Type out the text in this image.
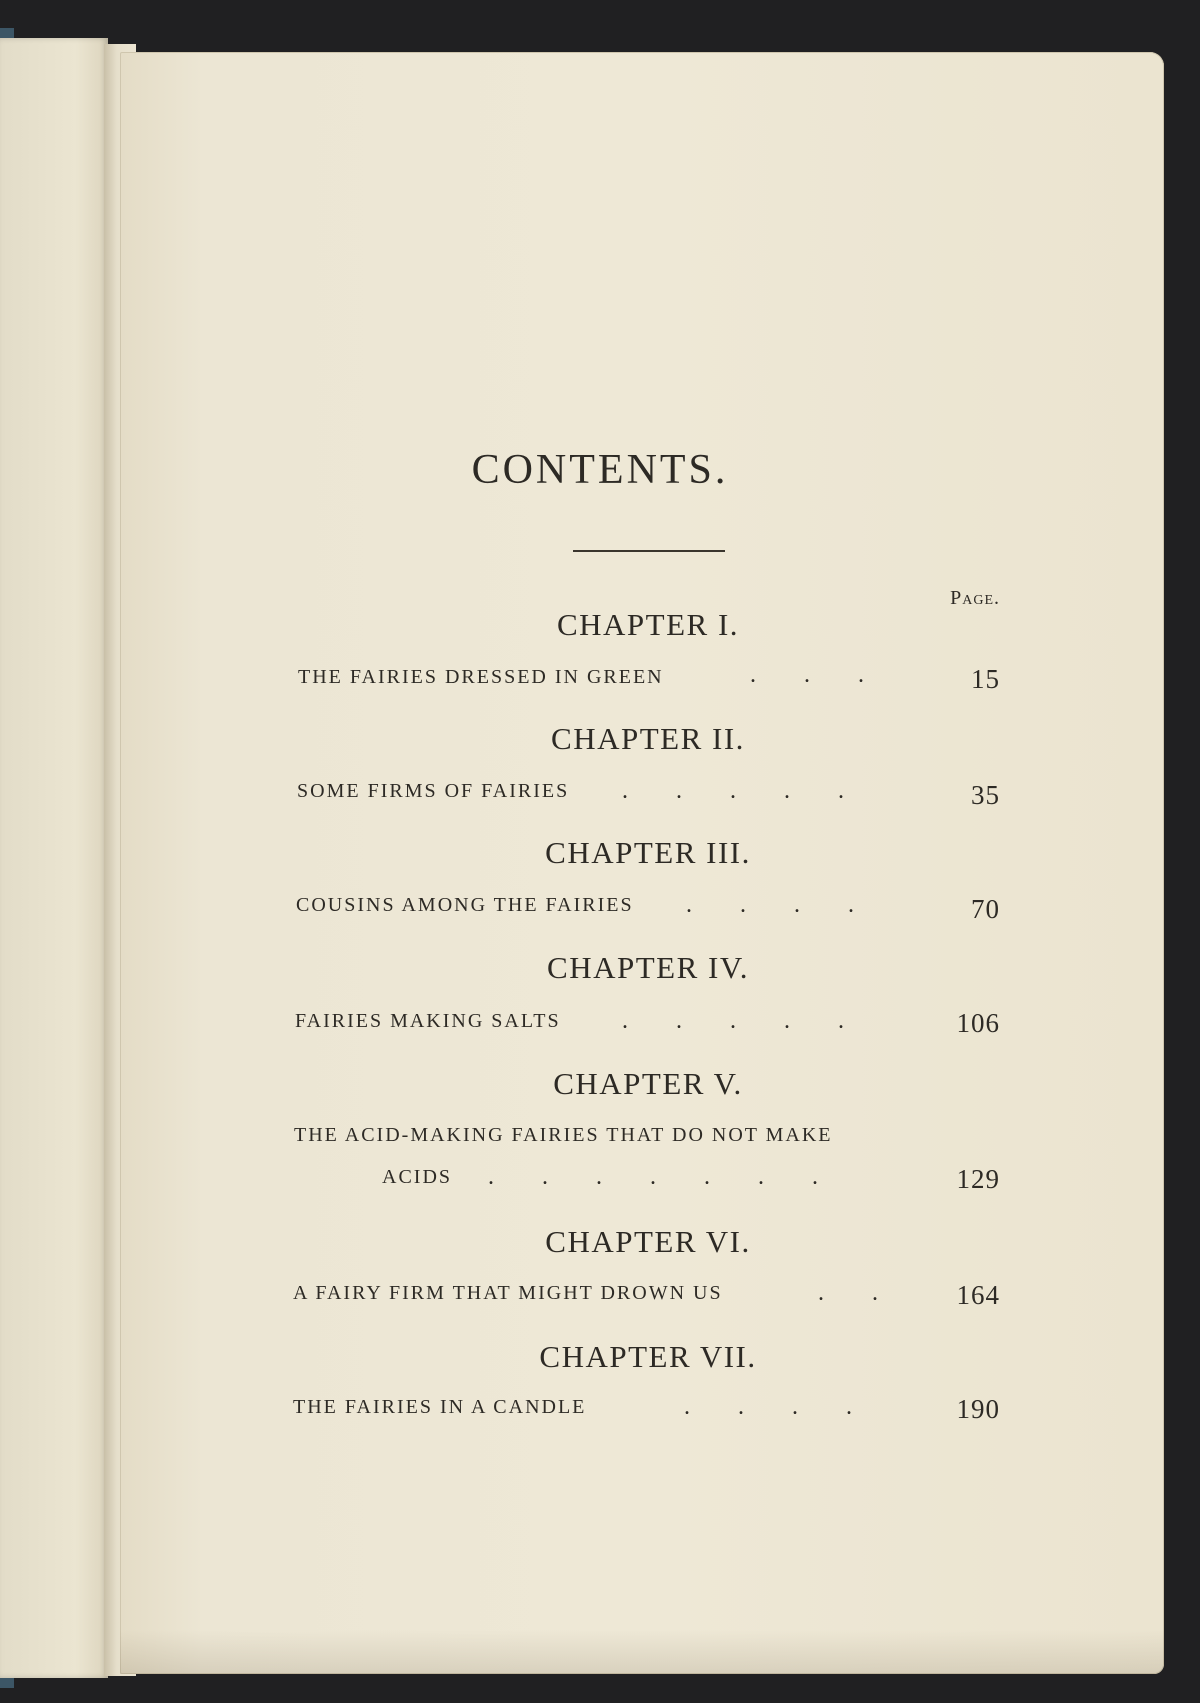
CONTENTS.
Page.
CHAPTER I.
THE FAIRIES DRESSED IN GREEN	.        .        .	15
CHAPTER II.
SOME FIRMS OF FAIRIES .        .        .        .        .	35
CHAPTER III.
COUSINS AMONG THE FAIRIES .        .        .        .	70
CHAPTER IV.
FAIRIES MAKING SALTS	.        .        .        .        .	106
CHAPTER V.
THE ACID-MAKING FAIRIES THAT DO NOT MAKE
ACIDS .        .        .        .        .        .        .	129
CHAPTER VI.
A FAIRY FIRM THAT MIGHT DROWN US	.        .	164
CHAPTER VII.
THE FAIRIES IN A CANDLE	.        .        .        .	190
